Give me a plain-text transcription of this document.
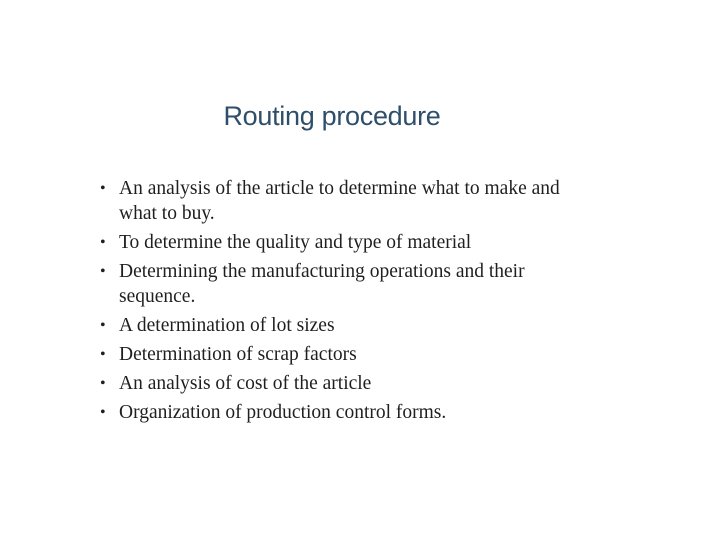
Routing procedure
• An analysis of the article to determine what to make and what to buy.
• To determine the quality and type of material
• Determining the manufacturing operations and their sequence.
• A determination of lot sizes
• Determination of scrap factors
• An analysis of cost of the article
• Organization of production control forms.
